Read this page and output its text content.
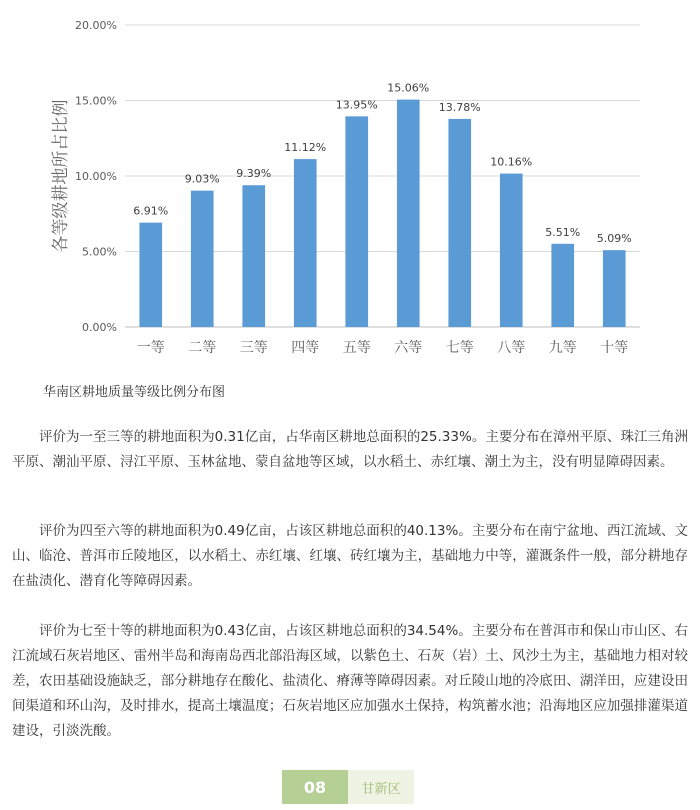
各等级耕地所占比例
0.00%
5.00%
10.00%
15.00%
20.00%
6.91%
一等
9.03%
二等
9.39%
三等
11.12%
四等
13.95%
五等
15.06%
六等
13.78%
七等
10.16%
八等
5.51%
九等
5.09%
十等
华南区耕地质量等级比例分布图

评价为一至三等的耕地面积为0.31亿亩，占华南区耕地总面积的25.33%。主要分布在漳州平原、珠江三角洲平原、潮汕平原、浔江平原、玉林盆地、蒙自盆地等区域，以水稻土、赤红壤、潮土为主，没有明显障碍因素。

评价为四至六等的耕地面积为0.49亿亩，占该区耕地总面积的40.13%。主要分布在南宁盆地、西江流域、文山、临沧、普洱市丘陵地区，以水稻土、赤红壤、红壤、砖红壤为主，基础地力中等，灌溉条件一般，部分耕地存在盐渍化、潜育化等障碍因素。

评价为七至十等的耕地面积为0.43亿亩，占该区耕地总面积的34.54%。主要分布在普洱市和保山市山区、右江流域石灰岩地区、雷州半岛和海南岛西北部沿海区域，以紫色土、石灰（岩）土、风沙土为主，基础地力相对较差，农田基础设施缺乏，部分耕地存在酸化、盐渍化、瘠薄等障碍因素。对丘陵山地的冷底田、湖洋田，应建设田间渠道和环山沟，及时排水，提高土壤温度；石灰岩地区应加强水土保持，构筑蓄水池；沿海地区应加强排灌渠道建设，引淡洗酸。

08	甘新区
